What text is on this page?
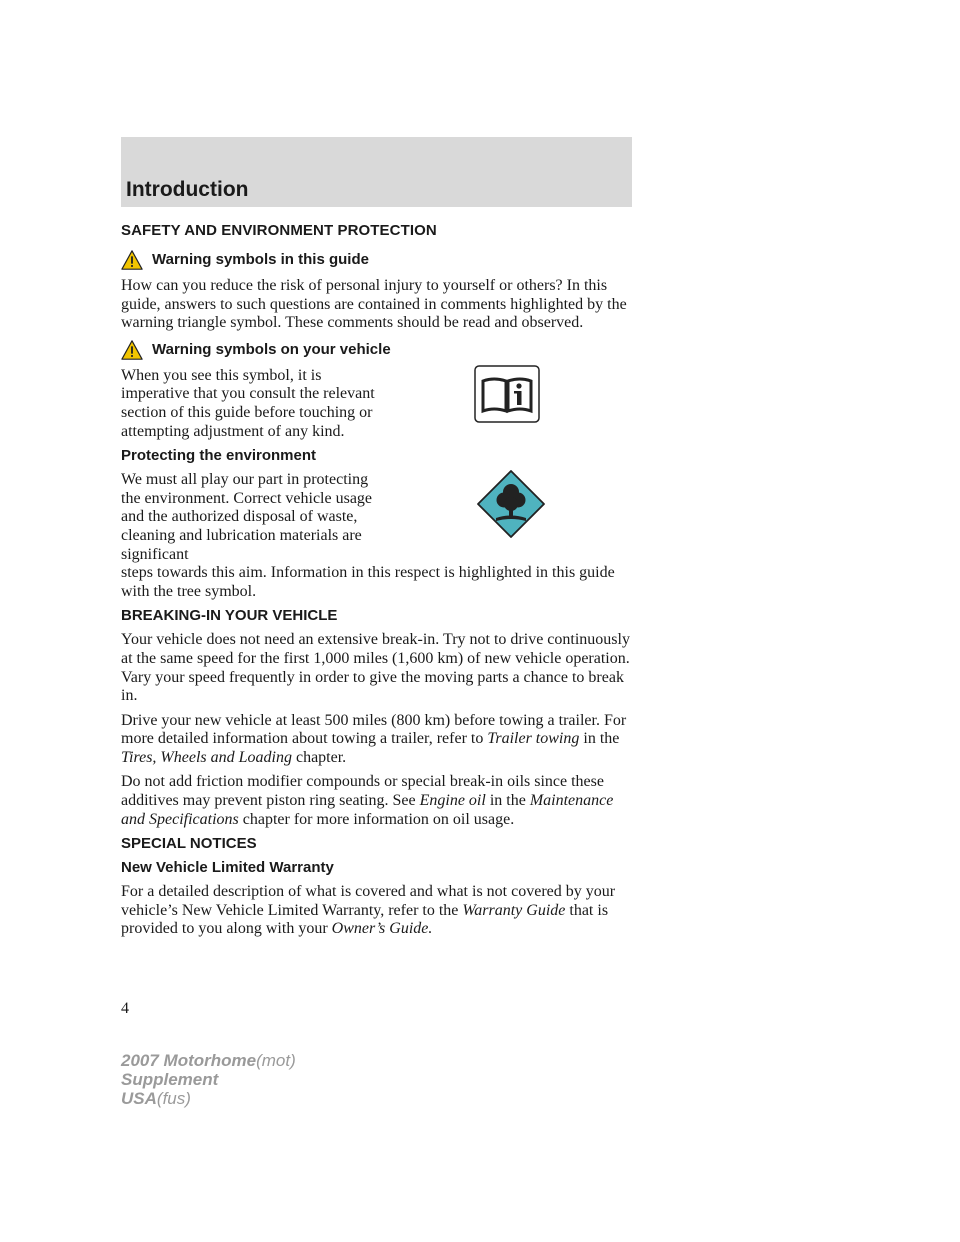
Introduction
SAFETY AND ENVIRONMENT PROTECTION
Warning symbols in this guide
How can you reduce the risk of personal injury to yourself or others? In this guide, answers to such questions are contained in comments highlighted by the warning triangle symbol. These comments should be read and observed.
Warning symbols on your vehicle
When you see this symbol, it is imperative that you consult the relevant section of this guide before touching or attempting adjustment of any kind.
Protecting the environment
We must all play our part in protecting the environment. Correct vehicle usage and the authorized disposal of waste, cleaning and lubrication materials are significant
steps towards this aim. Information in this respect is highlighted in this guide with the tree symbol.
BREAKING-IN YOUR VEHICLE
Your vehicle does not need an extensive break-in. Try not to drive continuously at the same speed for the first 1,000 miles (1,600 km) of new vehicle operation. Vary your speed frequently in order to give the moving parts a chance to break in.
Drive your new vehicle at least 500 miles (800 km) before towing a trailer. For more detailed information about towing a trailer, refer to Trailer towing in the Tires, Wheels and Loading chapter.
Do not add friction modifier compounds or special break-in oils since these additives may prevent piston ring seating. See Engine oil in the Maintenance and Specifications chapter for more information on oil usage.
SPECIAL NOTICES
New Vehicle Limited Warranty
For a detailed description of what is covered and what is not covered by your vehicle’s New Vehicle Limited Warranty, refer to the Warranty Guide that is provided to you along with your Owner’s Guide.
4
2007 Motorhome(mot)
Supplement
USA(fus)
